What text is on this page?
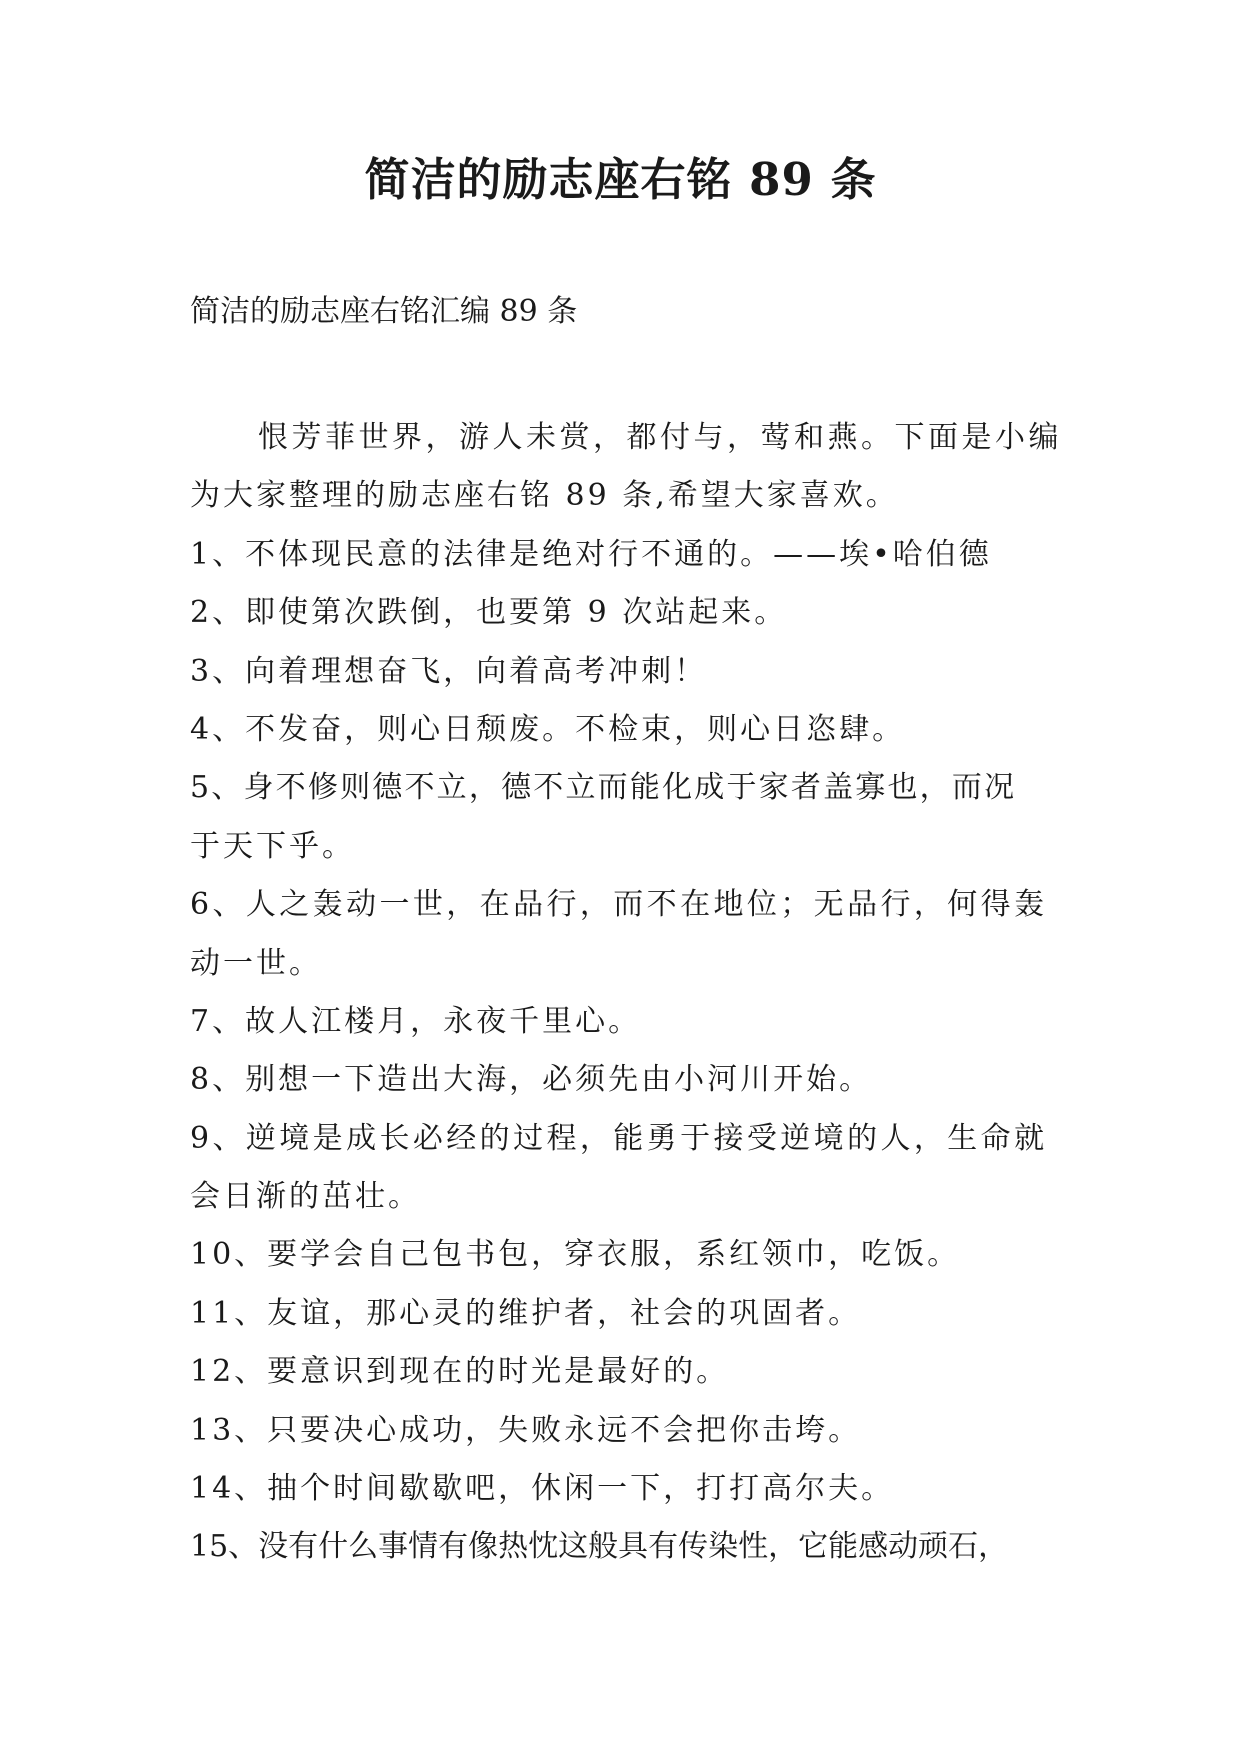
简洁的励志座右铭 89 条
简洁的励志座右铭汇编 89 条
恨芳菲世界，游人未赏，都付与，莺和燕。下面是小编
为大家整理的励志座右铭 89 条,希望大家喜欢。
1、不体现民意的法律是绝对行不通的。——埃•哈伯德
2、即使第次跌倒，也要第 9 次站起来。
3、向着理想奋飞，向着高考冲刺！
4、不发奋，则心日颓废。不检束，则心日恣肆。
5、身不修则德不立，德不立而能化成于家者盖寡也，而况
于天下乎。
6、人之轰动一世，在品行，而不在地位；无品行，何得轰
动一世。
7、故人江楼月，永夜千里心。
8、别想一下造出大海，必须先由小河川开始。
9、逆境是成长必经的过程，能勇于接受逆境的人，生命就
会日渐的茁壮。
10、要学会自己包书包，穿衣服，系红领巾，吃饭。
11、友谊，那心灵的维护者，社会的巩固者。
12、要意识到现在的时光是最好的。
13、只要决心成功，失败永远不会把你击垮。
14、抽个时间歇歇吧，休闲一下，打打高尔夫。
15、没有什么事情有像热忱这般具有传染性，它能感动顽石，
